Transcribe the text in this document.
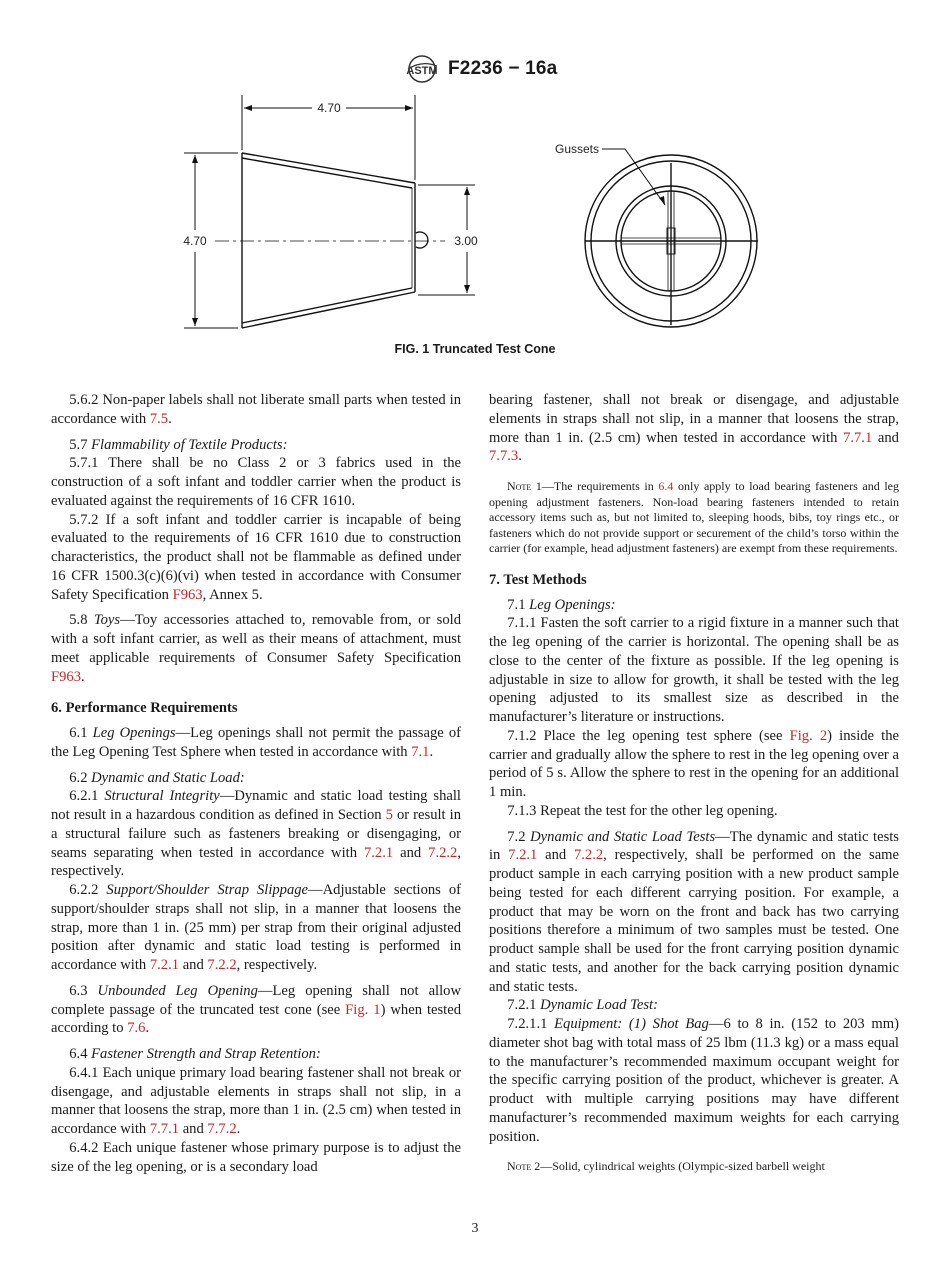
ASTM F2236 − 16a
4.70
4.70	3.00
Gussets
FIG. 1 Truncated Test Cone
5.6.2 Non-paper labels shall not liberate small parts when tested in accordance with 7.5.
5.7 Flammability of Textile Products:
5.7.1 There shall be no Class 2 or 3 fabrics used in the construction of a soft infant and toddler carrier when the product is evaluated against the requirements of 16 CFR 1610.
5.7.2 If a soft infant and toddler carrier is incapable of being evaluated to the requirements of 16 CFR 1610 due to construction characteristics, the product shall not be flammable as defined under 16 CFR 1500.3(c)(6)(vi) when tested in accordance with Consumer Safety Specification F963, Annex 5.
5.8 Toys—Toy accessories attached to, removable from, or sold with a soft infant carrier, as well as their means of attachment, must meet applicable requirements of Consumer Safety Specification F963.
6. Performance Requirements
6.1 Leg Openings—Leg openings shall not permit the passage of the Leg Opening Test Sphere when tested in accordance with 7.1.
6.2 Dynamic and Static Load:
6.2.1 Structural Integrity—Dynamic and static load testing shall not result in a hazardous condition as defined in Section 5 or result in a structural failure such as fasteners breaking or disengaging, or seams separating when tested in accordance with 7.2.1 and 7.2.2, respectively.
6.2.2 Support/Shoulder Strap Slippage—Adjustable sections of support/shoulder straps shall not slip, in a manner that loosens the strap, more than 1 in. (25 mm) per strap from their original adjusted position after dynamic and static load testing is performed in accordance with 7.2.1 and 7.2.2, respectively.
6.3 Unbounded Leg Opening—Leg opening shall not allow complete passage of the truncated test cone (see Fig. 1) when tested according to 7.6.
6.4 Fastener Strength and Strap Retention:
6.4.1 Each unique primary load bearing fastener shall not break or disengage, and adjustable elements in straps shall not slip, in a manner that loosens the strap, more than 1 in. (2.5 cm) when tested in accordance with 7.7.1 and 7.7.2.
6.4.2 Each unique fastener whose primary purpose is to adjust the size of the leg opening, or is a secondary load
bearing fastener, shall not break or disengage, and adjustable elements in straps shall not slip, in a manner that loosens the strap, more than 1 in. (2.5 cm) when tested in accordance with 7.7.1 and 7.7.3.
Note 1—The requirements in 6.4 only apply to load bearing fasteners and leg opening adjustment fasteners. Non-load bearing fasteners intended to retain accessory items such as, but not limited to, sleeping hoods, bibs, toy rings etc., or fasteners which do not provide support or securement of the child’s torso within the carrier (for example, head adjustment fasteners) are exempt from these requirements.
7. Test Methods
7.1 Leg Openings:
7.1.1 Fasten the soft carrier to a rigid fixture in a manner such that the leg opening of the carrier is horizontal. The opening shall be as close to the center of the fixture as possible. If the leg opening is adjustable in size to allow for growth, it shall be tested with the leg opening adjusted to its smallest size as described in the manufacturer’s literature or instructions.
7.1.2 Place the leg opening test sphere (see Fig. 2) inside the carrier and gradually allow the sphere to rest in the leg opening over a period of 5 s. Allow the sphere to rest in the opening for an additional 1 min.
7.1.3 Repeat the test for the other leg opening.
7.2 Dynamic and Static Load Tests—The dynamic and static tests in 7.2.1 and 7.2.2, respectively, shall be performed on the same product sample in each carrying position with a new product sample being tested for each different carrying position. For example, a product that may be worn on the front and back has two carrying positions therefore a minimum of two samples must be tested. One product sample shall be used for the front carrying position dynamic and static tests, and another for the back carrying position dynamic and static tests.
7.2.1 Dynamic Load Test:
7.2.1.1 Equipment: (1) Shot Bag—6 to 8 in. (152 to 203 mm) diameter shot bag with total mass of 25 lbm (11.3 kg) or a mass equal to the manufacturer’s recommended maximum occupant weight for the specific carrying position of the product, whichever is greater. A product with multiple carrying positions may have different manufacturer’s recommended maximum weights for each carrying position.
Note 2—Solid, cylindrical weights (Olympic-sized barbell weight
3
